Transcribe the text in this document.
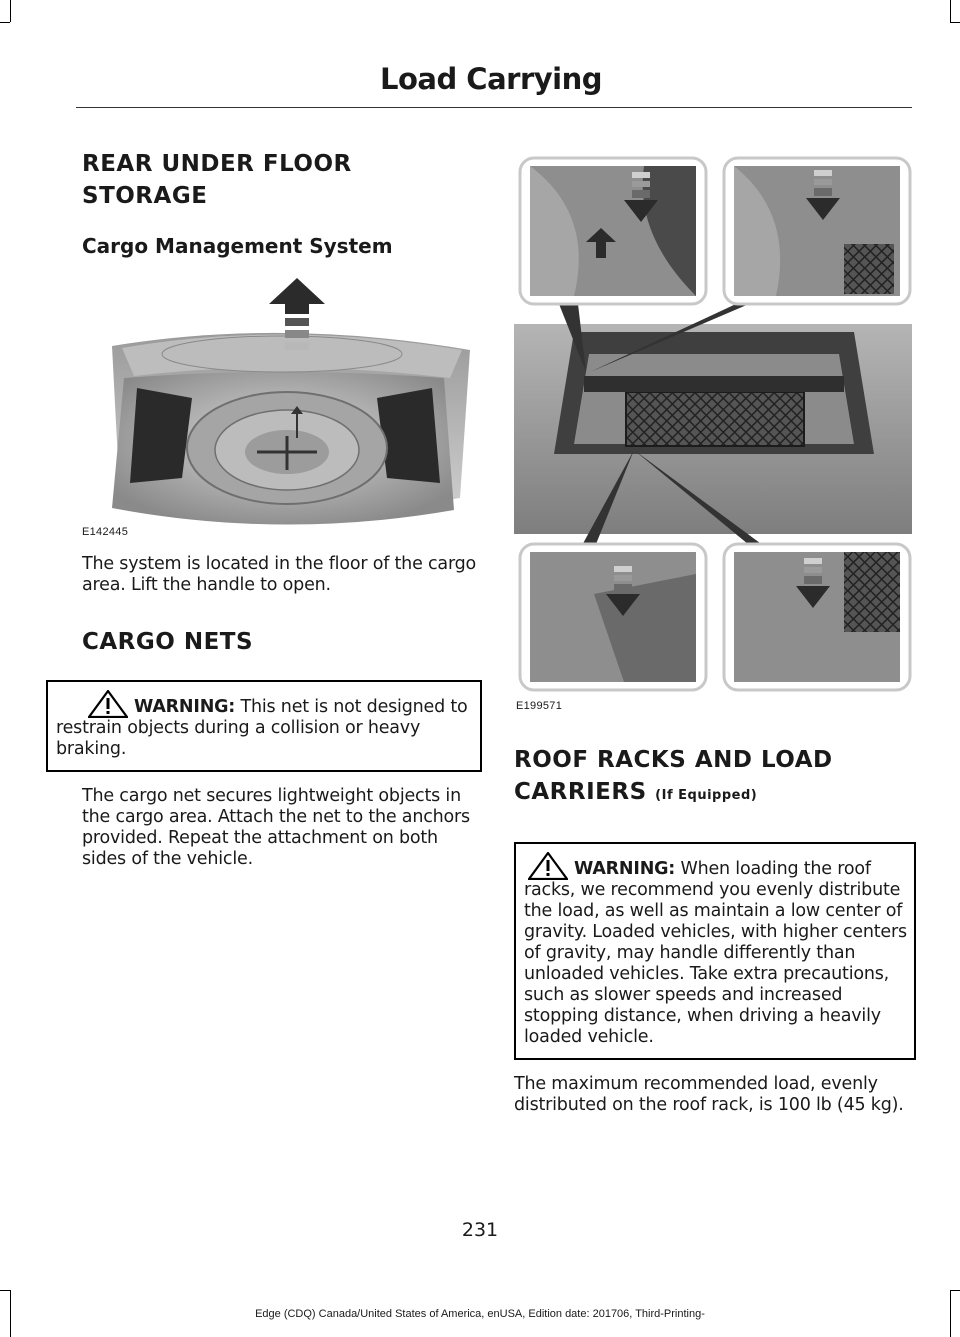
Load Carrying
REAR UNDER FLOOR
STORAGE
Cargo Management System
E142445

The system is located in the floor of the cargo area. Lift the handle to open.

CARGO NETS
WARNING: This net is not designed to restrain objects during a collision or heavy braking.

The cargo net secures lightweight objects in the cargo area. Attach the net to the anchors provided. Repeat the attachment on both sides of the vehicle.

E199571
ROOF RACKS AND LOAD
CARRIERS (If Equipped)
WARNING: When loading the roof racks, we recommend you evenly distribute the load, as well as maintain a low center of gravity. Loaded vehicles, with higher centers of gravity, may handle differently than unloaded vehicles. Take extra precautions, such as slower speeds and increased stopping distance, when driving a heavily loaded vehicle.

The maximum recommended load, evenly distributed on the roof rack, is 100 lb (45 kg).

231
Edge (CDQ) Canada/United States of America, enUSA, Edition date: 201706, Third-Printing-
